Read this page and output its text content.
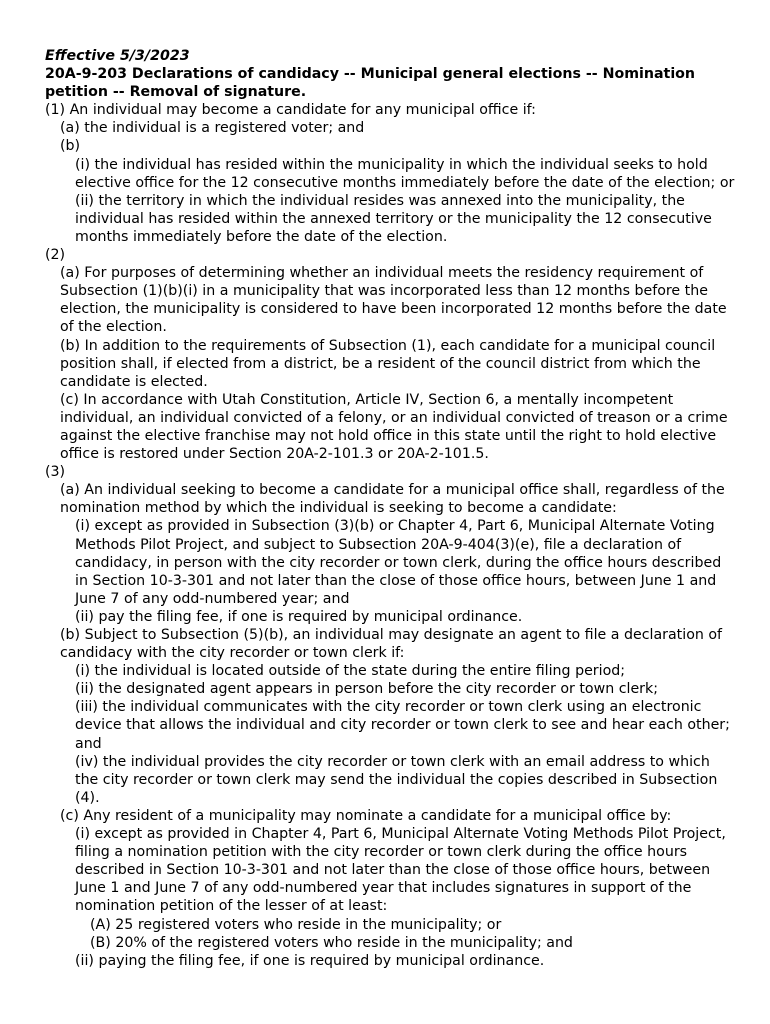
Effective 5/3/2023
20A-9-203 Declarations of candidacy -- Municipal general elections -- Nomination petition -- Removal of signature.
(1) An individual may become a candidate for any municipal office if:
(a) the individual is a registered voter; and
(b)
(i) the individual has resided within the municipality in which the individual seeks to hold elective office for the 12 consecutive months immediately before the date of the election; or
(ii) the territory in which the individual resides was annexed into the municipality, the individual has resided within the annexed territory or the municipality the 12 consecutive months immediately before the date of the election.
(2)
(a) For purposes of determining whether an individual meets the residency requirement of Subsection (1)(b)(i) in a municipality that was incorporated less than 12 months before the election, the municipality is considered to have been incorporated 12 months before the date of the election.
(b) In addition to the requirements of Subsection (1), each candidate for a municipal council position shall, if elected from a district, be a resident of the council district from which the candidate is elected.
(c) In accordance with Utah Constitution, Article IV, Section 6, a mentally incompetent individual, an individual convicted of a felony, or an individual convicted of treason or a crime against the elective franchise may not hold office in this state until the right to hold elective office is restored under Section 20A-2-101.3 or 20A-2-101.5.
(3)
(a) An individual seeking to become a candidate for a municipal office shall, regardless of the nomination method by which the individual is seeking to become a candidate:
(i) except as provided in Subsection (3)(b) or Chapter 4, Part 6, Municipal Alternate Voting Methods Pilot Project, and subject to Subsection 20A-9-404(3)(e), file a declaration of candidacy, in person with the city recorder or town clerk, during the office hours described in Section 10-3-301 and not later than the close of those office hours, between June 1 and June 7 of any odd-numbered year; and
(ii) pay the filing fee, if one is required by municipal ordinance.
(b) Subject to Subsection (5)(b), an individual may designate an agent to file a declaration of candidacy with the city recorder or town clerk if:
(i) the individual is located outside of the state during the entire filing period;
(ii) the designated agent appears in person before the city recorder or town clerk;
(iii) the individual communicates with the city recorder or town clerk using an electronic device that allows the individual and city recorder or town clerk to see and hear each other; and
(iv) the individual provides the city recorder or town clerk with an email address to which the city recorder or town clerk may send the individual the copies described in Subsection (4).
(c) Any resident of a municipality may nominate a candidate for a municipal office by:
(i) except as provided in Chapter 4, Part 6, Municipal Alternate Voting Methods Pilot Project, filing a nomination petition with the city recorder or town clerk during the office hours described in Section 10-3-301 and not later than the close of those office hours, between June 1 and June 7 of any odd-numbered year that includes signatures in support of the nomination petition of the lesser of at least:
(A) 25 registered voters who reside in the municipality; or
(B) 20% of the registered voters who reside in the municipality; and
(ii) paying the filing fee, if one is required by municipal ordinance.
